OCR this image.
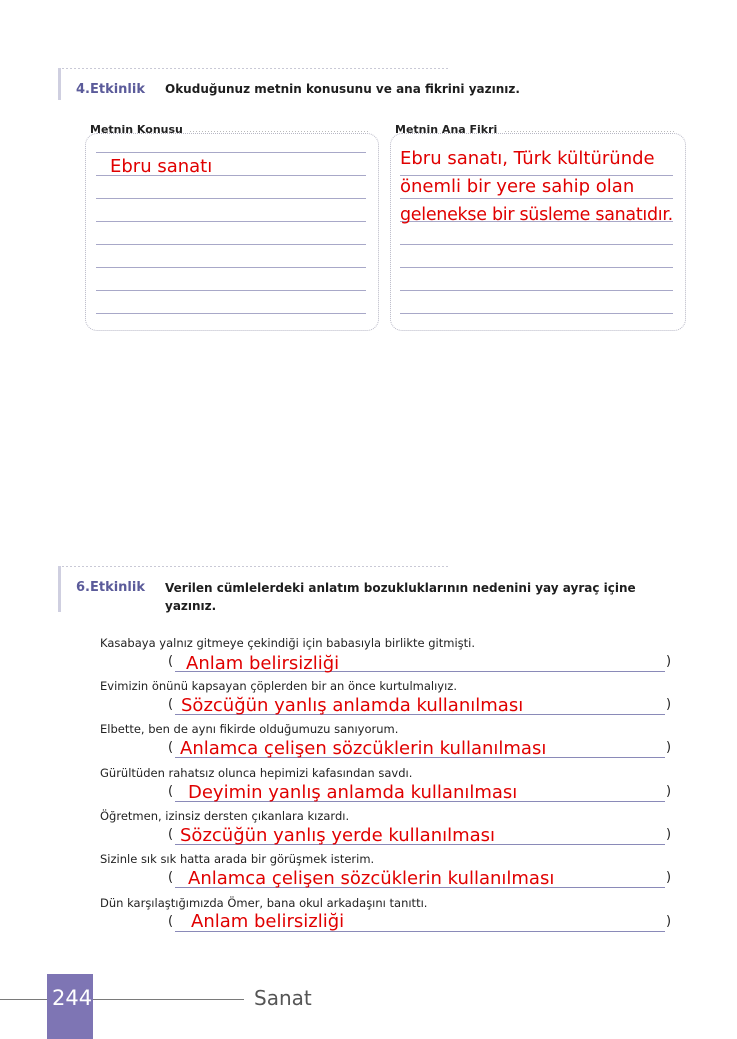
4.Etkinlik Okuduğunuz metnin konusunu ve ana fikrini yazınız.
Metnin Konusu
Ebru sanatı
Metnin Ana Fikri
Ebru sanatı, Türk kültüründe
önemli bir yere sahip olan
gelenekse bir süsleme sanatıdır.
6.Etkinlik Verilen cümlelerdeki anlatım bozukluklarının nedenini yay ayraç içine
yazınız.
Kasabaya yalnız gitmeye çekindiği için babasıyla birlikte gitmişti.
(	)
Anlam belirsizliği
Evimizin önünü kapsayan çöplerden bir an önce kurtulmalıyız.
(	)
Sözcüğün yanlış anlamda kullanılması
Elbette, ben de aynı fikirde olduğumuzu sanıyorum.
(	)
Anlamca çelişen sözcüklerin kullanılması
Gürültüden rahatsız olunca hepimizi kafasından savdı.
(	)
Deyimin yanlış anlamda kullanılması
Öğretmen, izinsiz dersten çıkanlara kızardı.
(	)
Sözcüğün yanlış yerde kullanılması
Sizinle sık sık hatta arada bir görüşmek isterim.
(	)
Anlamca çelişen sözcüklerin kullanılması
Dün karşılaştığımızda Ömer, bana okul arkadaşını tanıttı.
(	)
Anlam belirsizliği
244	Sanat
